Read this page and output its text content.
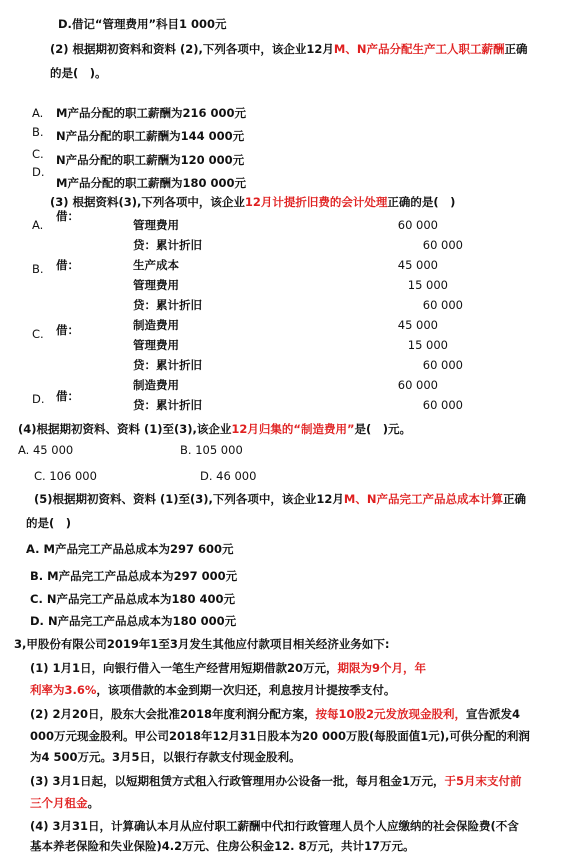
D.借记“管理费用”科目1 000元
(2) 根据期初资料和资料 (2),下列各项中，该企业12月M、N产品分配生产工人职工薪酬正确
的是(　)。
A. M产品分配的职工薪酬为216 000元
B. N产品分配的职工薪酬为144 000元
C. N产品分配的职工薪酬为120 000元
D.
M产品分配的职工薪酬为180 000元
(3) 根据资料(3),下列各项中，该企业12月计提折旧费的会计处理正确的是(　)
A.
借：
管理费用	60 000
贷：累计折旧	60 000
B. 借：	生产成本	45 000
管理费用	15 000
贷：累计折旧	60 000
C. 借：	制造费用	45 000
管理费用	15 000
贷：累计折旧	60 000
D. 借：
制造费用	60 000
贷：累计折旧	60 000
(4)根据期初资料、资料 (1)至(3),该企业12月归集的“制造费用”是(　)元。
A. 45 000	B. 105 000
C. 106 000	D. 46 000
(5)根据期初资料、资料 (1)至(3),下列各项中，该企业12月M、N产品完工产品总成本计算正确
的是(　)
A. M产品完工产品总成本为297 600元
B. M产品完工产品总成本为297 000元
C. N产品完工产品总成本为180 400元
D. N产品完工产品总成本为180 000元
3,甲股份有限公司2019年1至3月发生其他应付款项目相关经济业务如下:
(1) 1月1日，向银行借入一笔生产经营用短期借款20万元，期限为9个月，年
利率为3.6%，该项借款的本金到期一次归还，利息按月计提按季支付。
(2) 2月20日，股东大会批准2018年度利润分配方案，按每10股2元发放现金股利，宣告派发4
000万元现金股利。甲公司2018年12月31日股本为20 000万股(每股面值1元),可供分配的利润
为4 500万元。3月5日，以银行存款支付现金股利。
(3) 3月1日起，以短期租赁方式租入行政管理用办公设备一批，每月租金1万元，于5月末支付前
三个月租金。
(4) 3月31日，计算确认本月从应付职工薪酬中代扣行政管理人员个人应缴纳的社会保险费(不含
基本养老保险和失业保险)4.2万元、住房公积金12. 8万元，共计17万元。
